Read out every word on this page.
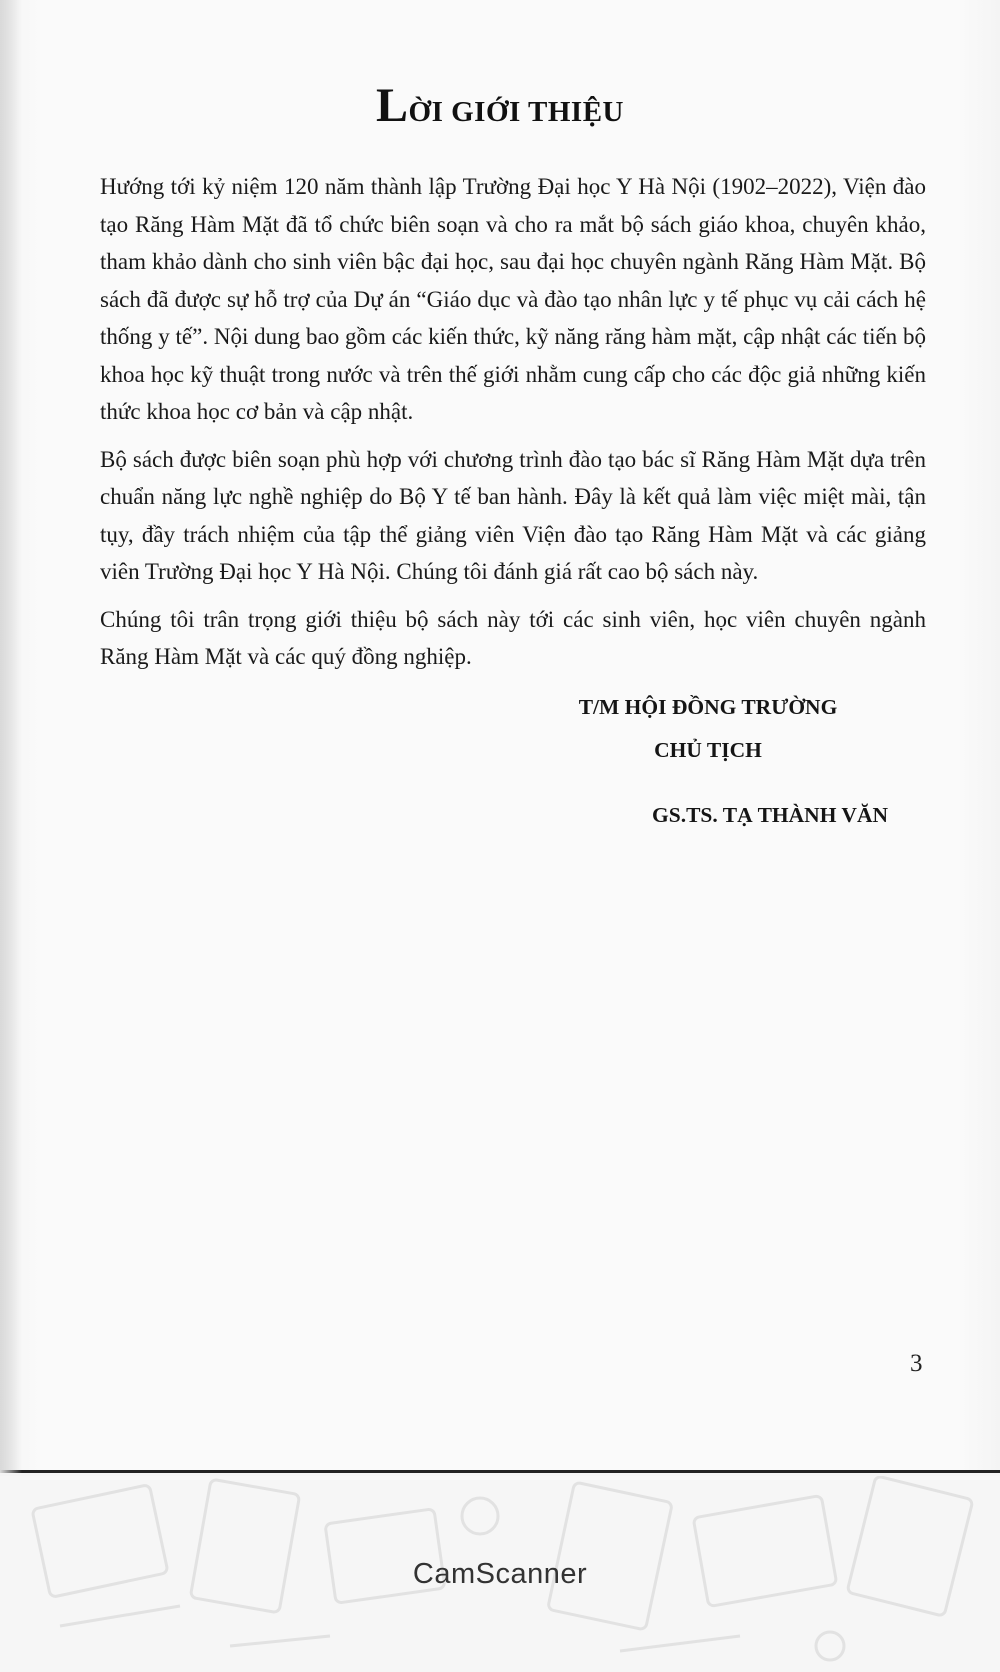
LỜI GIỚI THIỆU

Hướng tới kỷ niệm 120 năm thành lập Trường Đại học Y Hà Nội (1902–2022), Viện đào tạo Răng Hàm Mặt đã tổ chức biên soạn và cho ra mắt bộ sách giáo khoa, chuyên khảo, tham khảo dành cho sinh viên bậc đại học, sau đại học chuyên ngành Răng Hàm Mặt. Bộ sách đã được sự hỗ trợ của Dự án “Giáo dục và đào tạo nhân lực y tế phục vụ cải cách hệ thống y tế”. Nội dung bao gồm các kiến thức, kỹ năng răng hàm mặt, cập nhật các tiến bộ khoa học kỹ thuật trong nước và trên thế giới nhằm cung cấp cho các độc giả những kiến thức khoa học cơ bản và cập nhật.

Bộ sách được biên soạn phù hợp với chương trình đào tạo bác sĩ Răng Hàm Mặt dựa trên chuẩn năng lực nghề nghiệp do Bộ Y tế ban hành. Đây là kết quả làm việc miệt mài, tận tụy, đầy trách nhiệm của tập thể giảng viên Viện đào tạo Răng Hàm Mặt và các giảng viên Trường Đại học Y Hà Nội. Chúng tôi đánh giá rất cao bộ sách này.

Chúng tôi trân trọng giới thiệu bộ sách này tới các sinh viên, học viên chuyên ngành Răng Hàm Mặt và các quý đồng nghiệp.

T/M HỘI ĐỒNG TRƯỜNG
CHỦ TỊCH
GS.TS. TẠ THÀNH VĂN
3
CamScanner
